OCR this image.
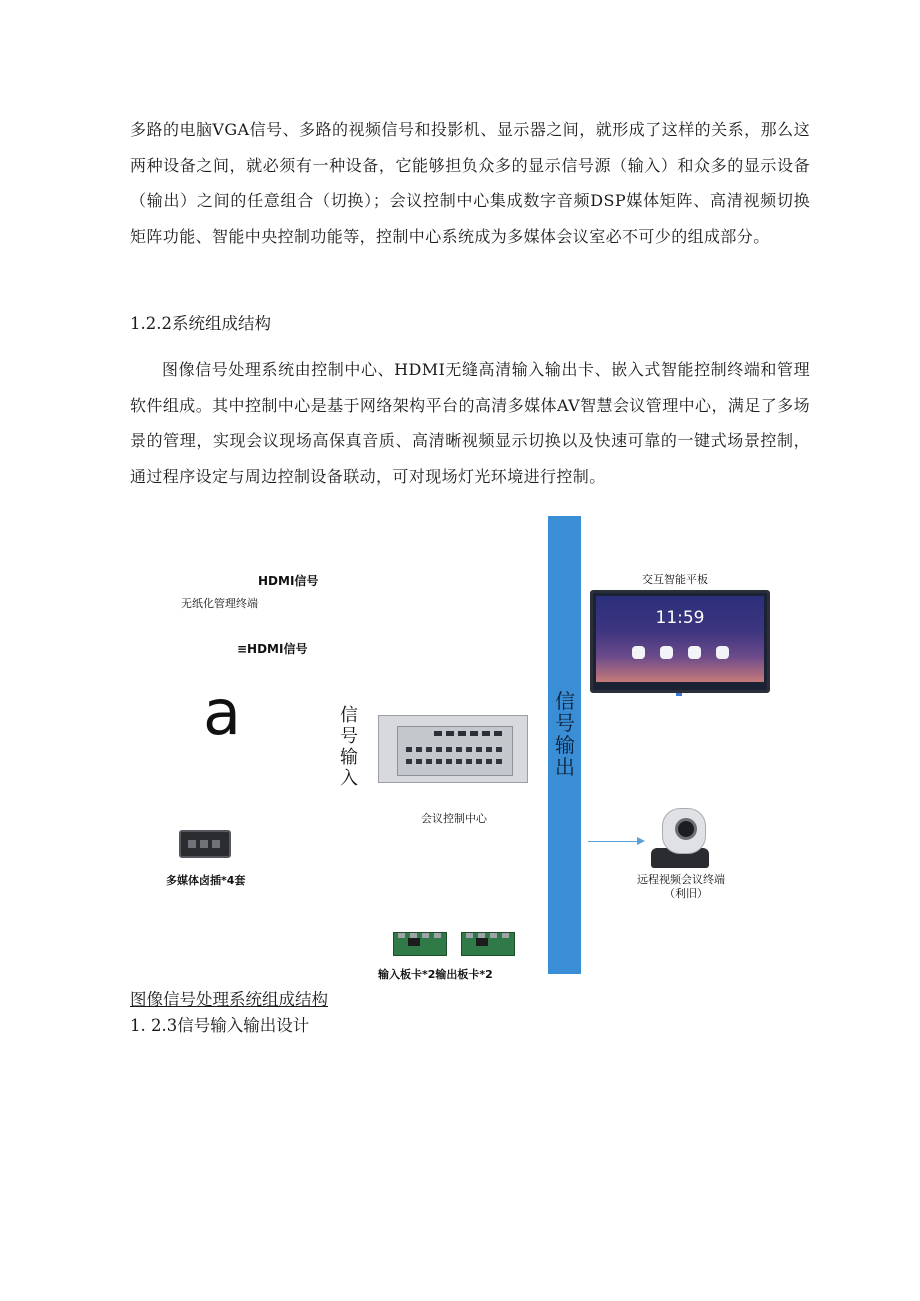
多路的电脑VGA信号、多路的视频信号和投影机、显示器之间，就形成了这样的关系，那么这两种设备之间，就必须有一种设备，它能够担负众多的显示信号源（输入）和众多的显示设备（输出）之间的任意组合（切换）；会议控制中心集成数字音频DSP媒体矩阵、高清视频切换矩阵功能、智能中央控制功能等，控制中心系统成为多媒体会议室必不可少的组成部分。

1.2.2系统组成结构

图像信号处理系统由控制中心、HDMI无缝高清输入输出卡、嵌入式智能控制终端和管理软件组成。其中控制中心是基于网络架构平台的高清多媒体AV智慧会议管理中心，满足了多场景的管理，实现会议现场高保真音质、高清晰视频显示切换以及快速可靠的一键式场景控制，通过程序设定与周边控制设备联动，可对现场灯光环境进行控制。

HDMI信号
无纸化管理终端
≡HDMI信号
a	信号输入
会议控制中心
多媒体卤插*4套
输入板卡*2输出板卡*2
信号输出
交互智能平板
11:59
远程视频会议终端
（利旧）

图像信号处理系统组成结构

1. 2.3信号输入输出设计
